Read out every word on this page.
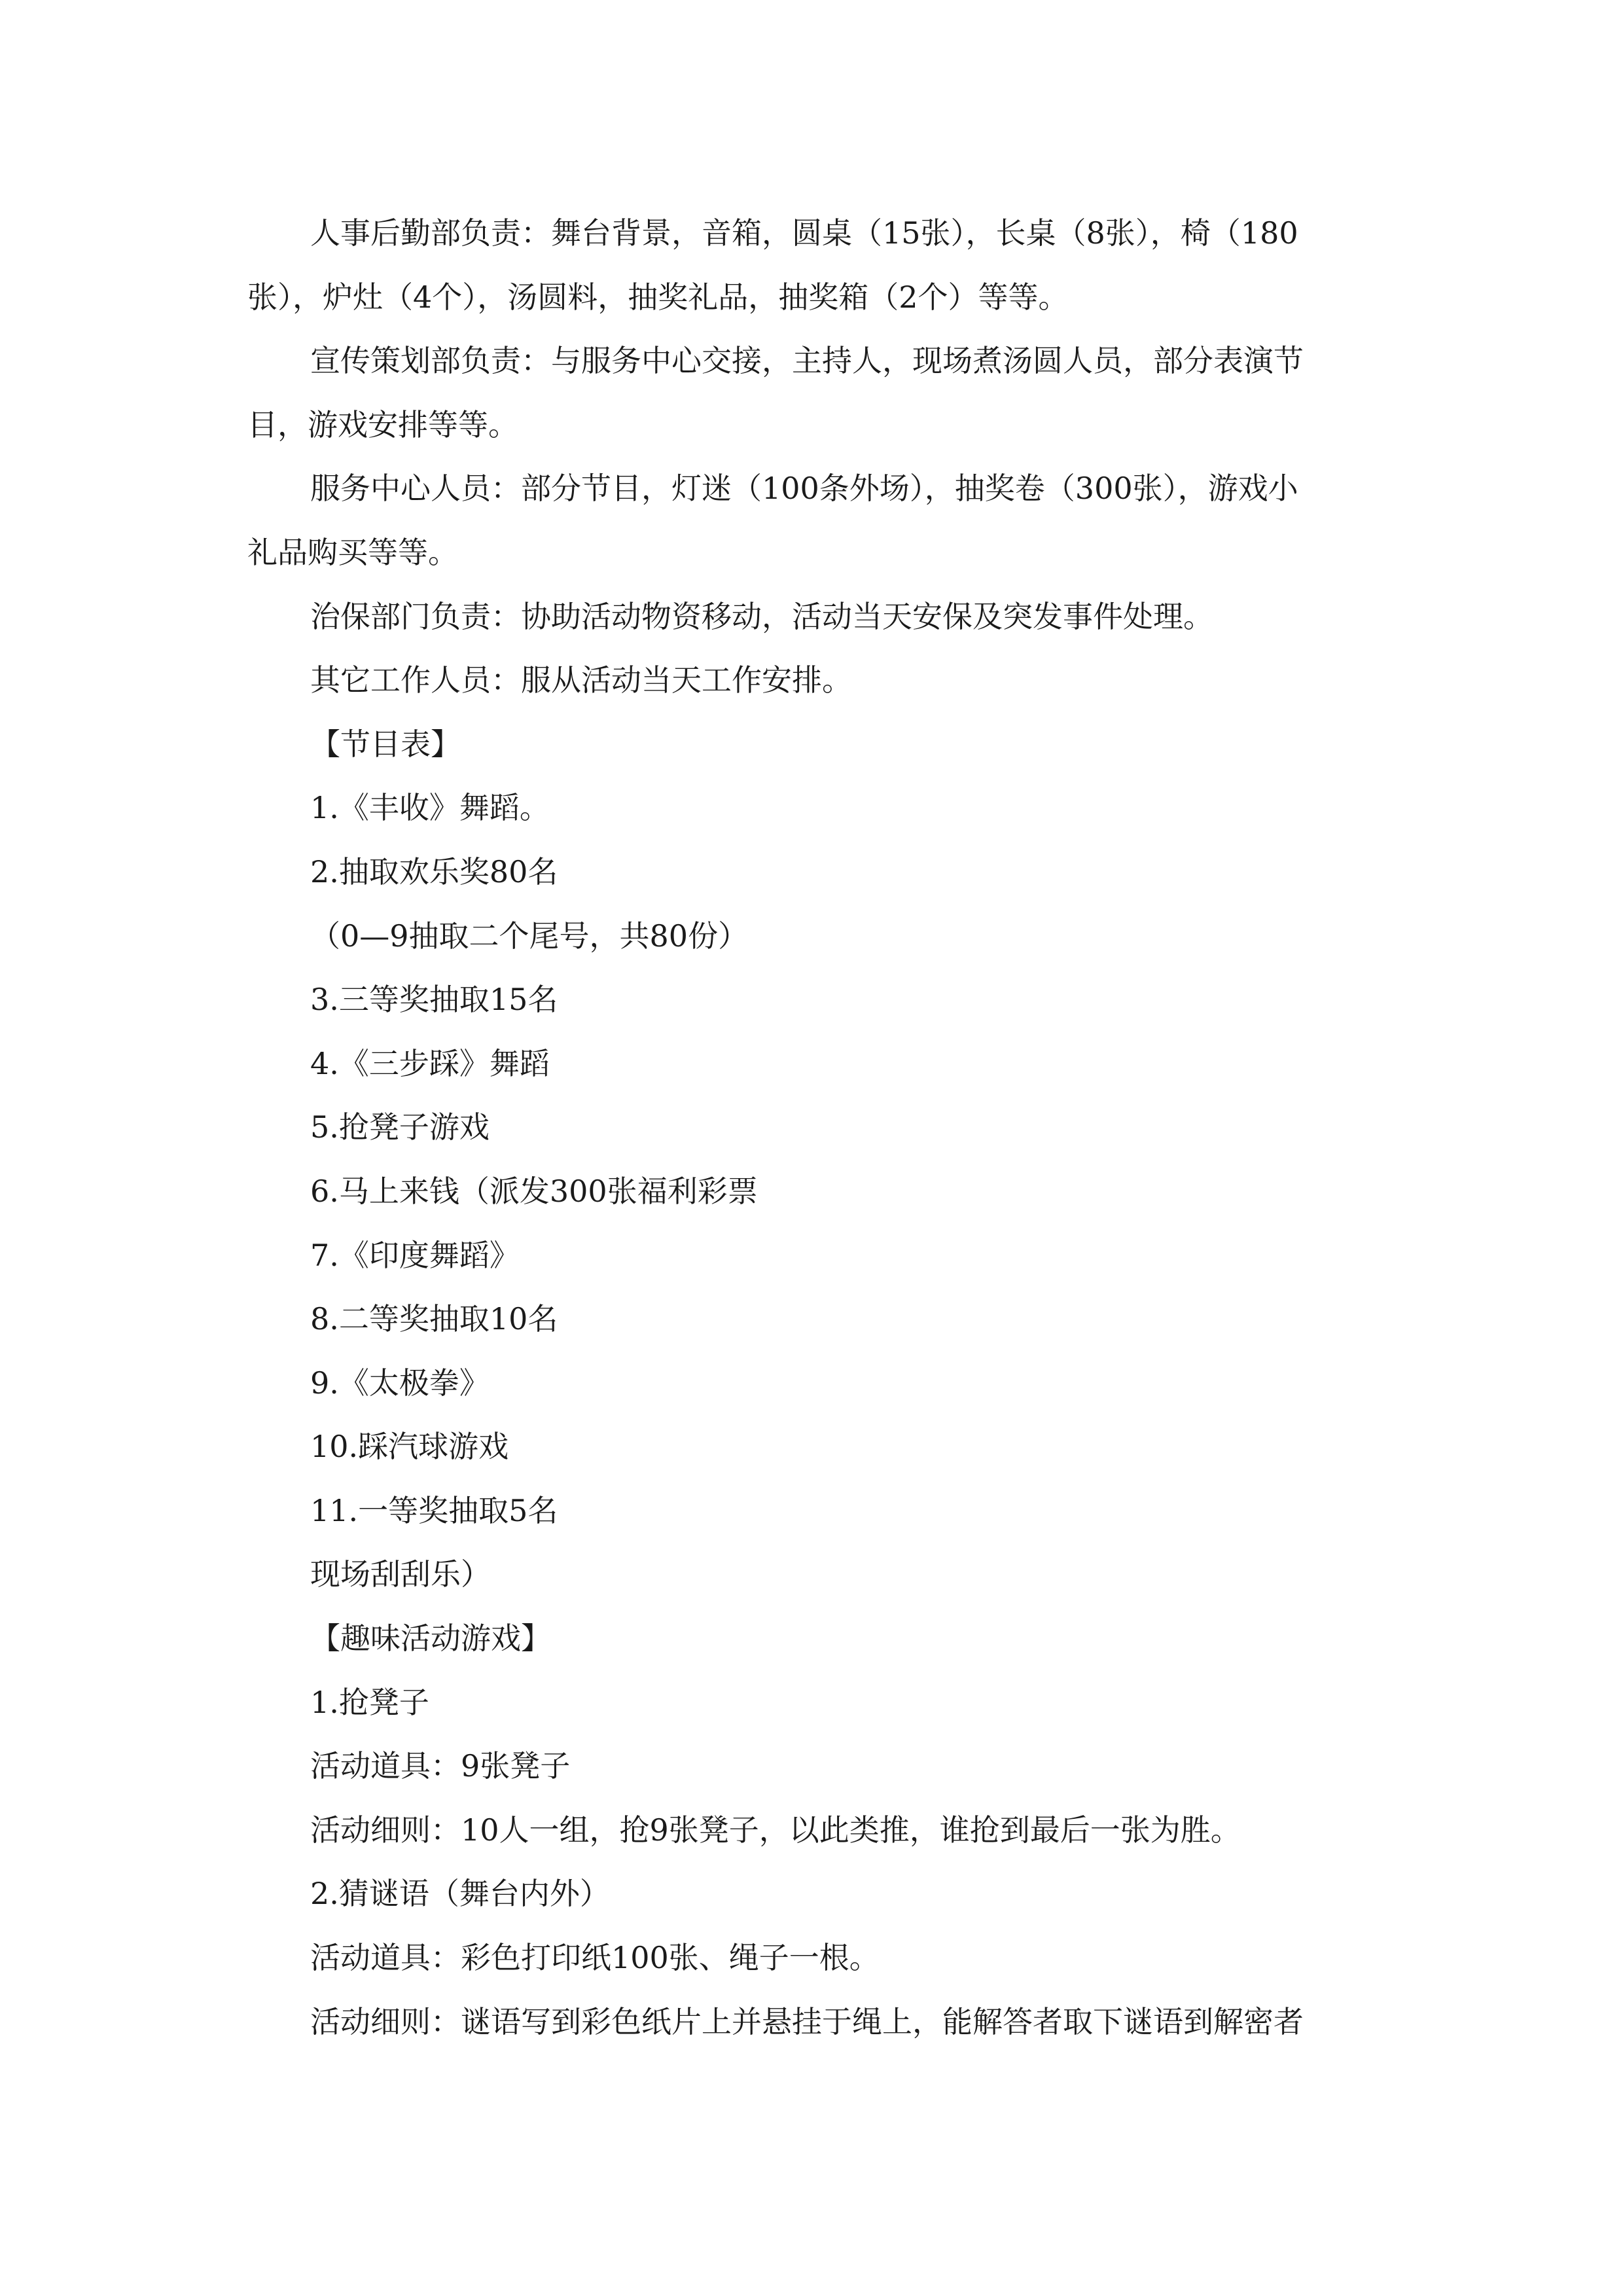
人事后勤部负责：舞台背景，音箱，圆桌（15张），长桌（8张），椅（180
张），炉灶（4个），汤圆料，抽奖礼品，抽奖箱（2个）等等。
宣传策划部负责：与服务中心交接，主持人，现场煮汤圆人员，部分表演节
目，游戏安排等等。
服务中心人员：部分节目，灯迷（100条外场），抽奖卷（300张），游戏小
礼品购买等等。
治保部门负责：协助活动物资移动，活动当天安保及突发事件处理。
其它工作人员：服从活动当天工作安排。
【节目表】
1.《丰收》舞蹈。
2.抽取欢乐奖80名
（0—9抽取二个尾号，共80份）
3.三等奖抽取15名
4.《三步踩》舞蹈
5.抢凳子游戏
6.马上来钱（派发300张福利彩票
7.《印度舞蹈》
8.二等奖抽取10名
9.《太极拳》
10.踩汽球游戏
11.一等奖抽取5名
现场刮刮乐）
【趣味活动游戏】
1.抢凳子
活动道具：9张凳子
活动细则：10人一组，抢9张凳子，以此类推，谁抢到最后一张为胜。
2.猜谜语（舞台内外）
活动道具：彩色打印纸100张、绳子一根。
活动细则：谜语写到彩色纸片上并悬挂于绳上，能解答者取下谜语到解密者
